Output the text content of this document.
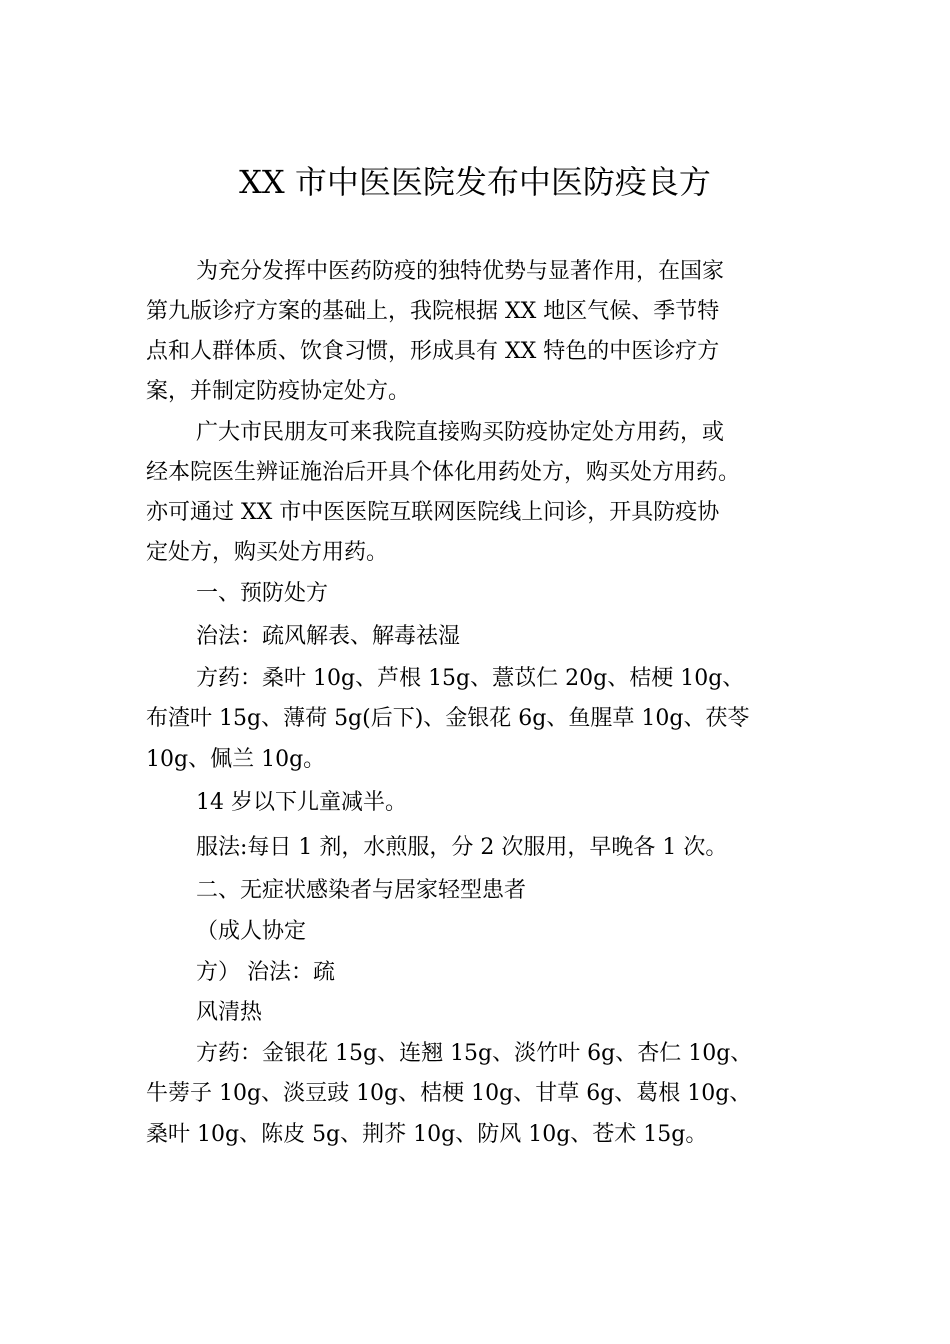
XX 市中医医院发布中医防疫良方

为充分发挥中医药防疫的独特优势与显著作用，在国家

第九版诊疗方案的基础上，我院根据 XX 地区气候、季节特

点和人群体质、饮食习惯，形成具有 XX 特色的中医诊疗方

案，并制定防疫协定处方。

广大市民朋友可来我院直接购买防疫协定处方用药，或

经本院医生辨证施治后开具个体化用药处方，购买处方用药。

亦可通过 XX 市中医医院互联网医院线上问诊，开具防疫协

定处方，购买处方用药。

一、预防处方

治法：疏风解表、解毒祛湿

方药：桑叶 10g、芦根 15g、薏苡仁 20g、桔梗 10g、

布渣叶 15g、薄荷 5g(后下)、金银花 6g、鱼腥草 10g、茯苓

10g、佩兰 10g。

14 岁以下儿童减半。

服法:每日 1 剂，水煎服，分 2 次服用，早晚各 1 次。

二、无症状感染者与居家轻型患者

（成人协定

方） 治法：疏

风清热

方药：金银花 15g、连翘 15g、淡竹叶 6g、杏仁 10g、

牛蒡子 10g、淡豆豉 10g、桔梗 10g、甘草 6g、葛根 10g、

桑叶 10g、陈皮 5g、荆芥 10g、防风 10g、苍术 15g。
